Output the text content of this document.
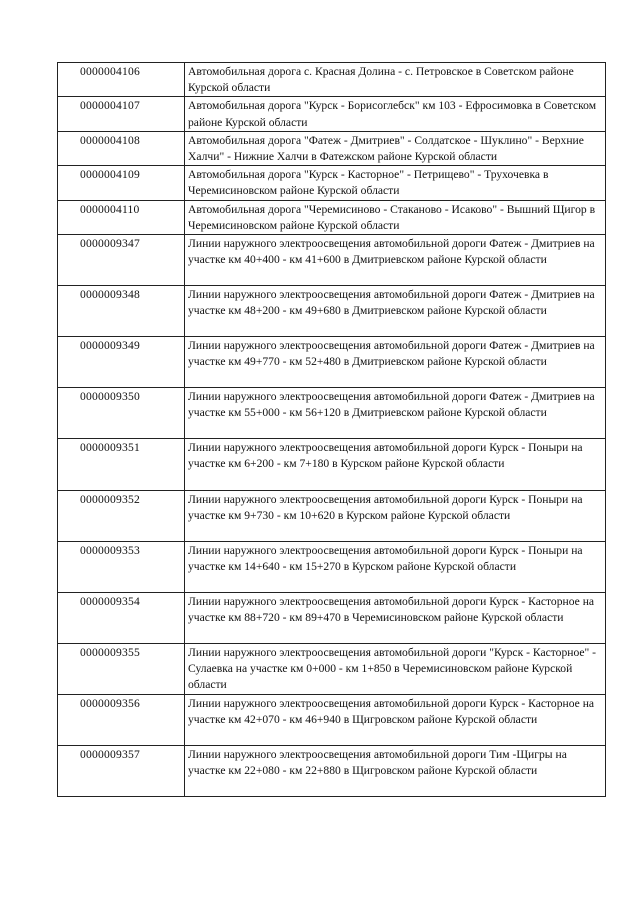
0000004106	Автомобильная дорога с. Красная Долина - с. Петровское в Советском районе Курской области
0000004107	Автомобильная дорога "Курск - Борисоглебск" км 103 - Ефросимовка в Советском районе Курской области
0000004108	Автомобильная дорога "Фатеж - Дмитриев" - Солдатское - Шуклино" - Верхние Халчи" - Нижние Халчи в Фатежском районе Курской области
0000004109	Автомобильная дорога "Курск - Касторное" - Петрищево" - Трухочевка в Черемисиновском районе Курской области
0000004110	Автомобильная дорога "Черемисиново - Стаканово - Исаково" - Вышний Щигор в Черемисиновском районе Курской области
0000009347	Линии наружного электроосвещения автомобильной дороги Фатеж - Дмитриев на участке км 40+400 - км 41+600 в Дмитриевском районе Курской области
0000009348	Линии наружного электроосвещения автомобильной дороги Фатеж - Дмитриев на участке км 48+200 - км 49+680 в Дмитриевском районе Курской области
0000009349	Линии наружного электроосвещения автомобильной дороги Фатеж - Дмитриев на участке км 49+770 - км 52+480 в Дмитриевском районе Курской области
0000009350	Линии наружного электроосвещения автомобильной дороги Фатеж - Дмитриев на участке км 55+000 - км 56+120 в Дмитриевском районе Курской области
0000009351	Линии наружного электроосвещения автомобильной дороги Курск - Поныри на участке км 6+200 - км 7+180 в Курском районе Курской области
0000009352	Линии наружного электроосвещения автомобильной дороги Курск - Поныри на участке км 9+730 - км 10+620 в Курском районе Курской области
0000009353	Линии наружного электроосвещения автомобильной дороги Курск - Поныри на участке км 14+640 - км 15+270 в Курском районе Курской области
0000009354	Линии наружного электроосвещения автомобильной дороги Курск - Касторное на участке км 88+720 - км 89+470 в Черемисиновском районе Курской области
0000009355	Линии наружного электроосвещения автомобильной дороги "Курск - Касторное" - Сулаевка на участке км 0+000 - км 1+850 в Черемисиновском районе Курской области
0000009356	Линии наружного электроосвещения автомобильной дороги Курск - Касторное на участке км 42+070 - км 46+940 в Щигровском районе Курской области
0000009357	Линии наружного электроосвещения автомобильной дороги Тим -Щигры на участке км 22+080 - км 22+880 в Щигровском районе Курской области
